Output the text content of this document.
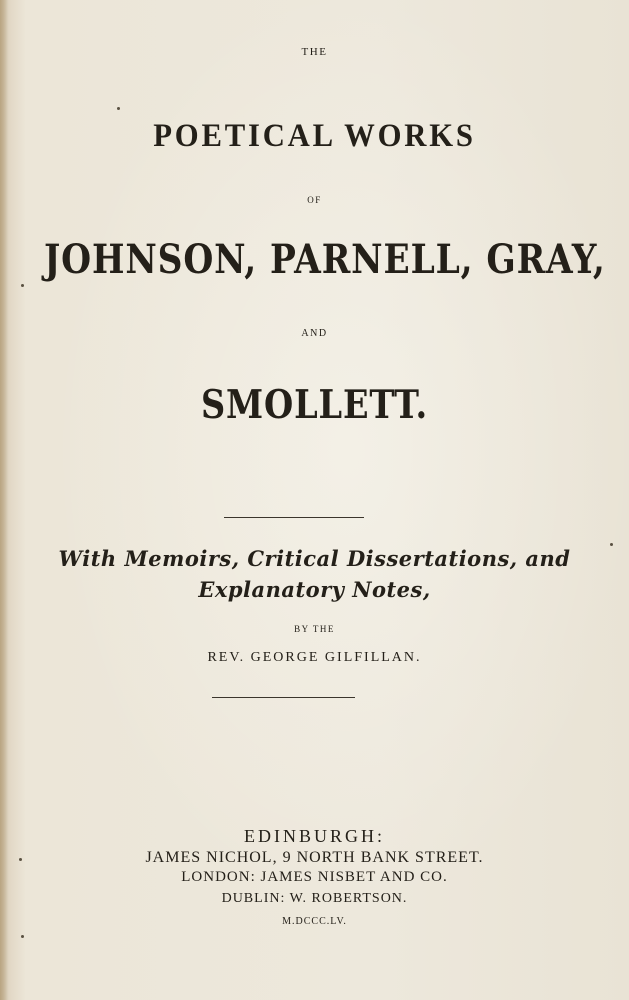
THE
POETICAL WORKS
OF
JOHNSON, PARNELL, GRAY,
AND
SMOLLETT.
With Memoirs, Critical Dissertations, and
Explanatory Notes,
BY THE
REV. GEORGE GILFILLAN.
EDINBURGH:
JAMES NICHOL, 9 NORTH BANK STREET.
LONDON: JAMES NISBET AND CO.
DUBLIN: W. ROBERTSON.
M.DCCC.LV.
